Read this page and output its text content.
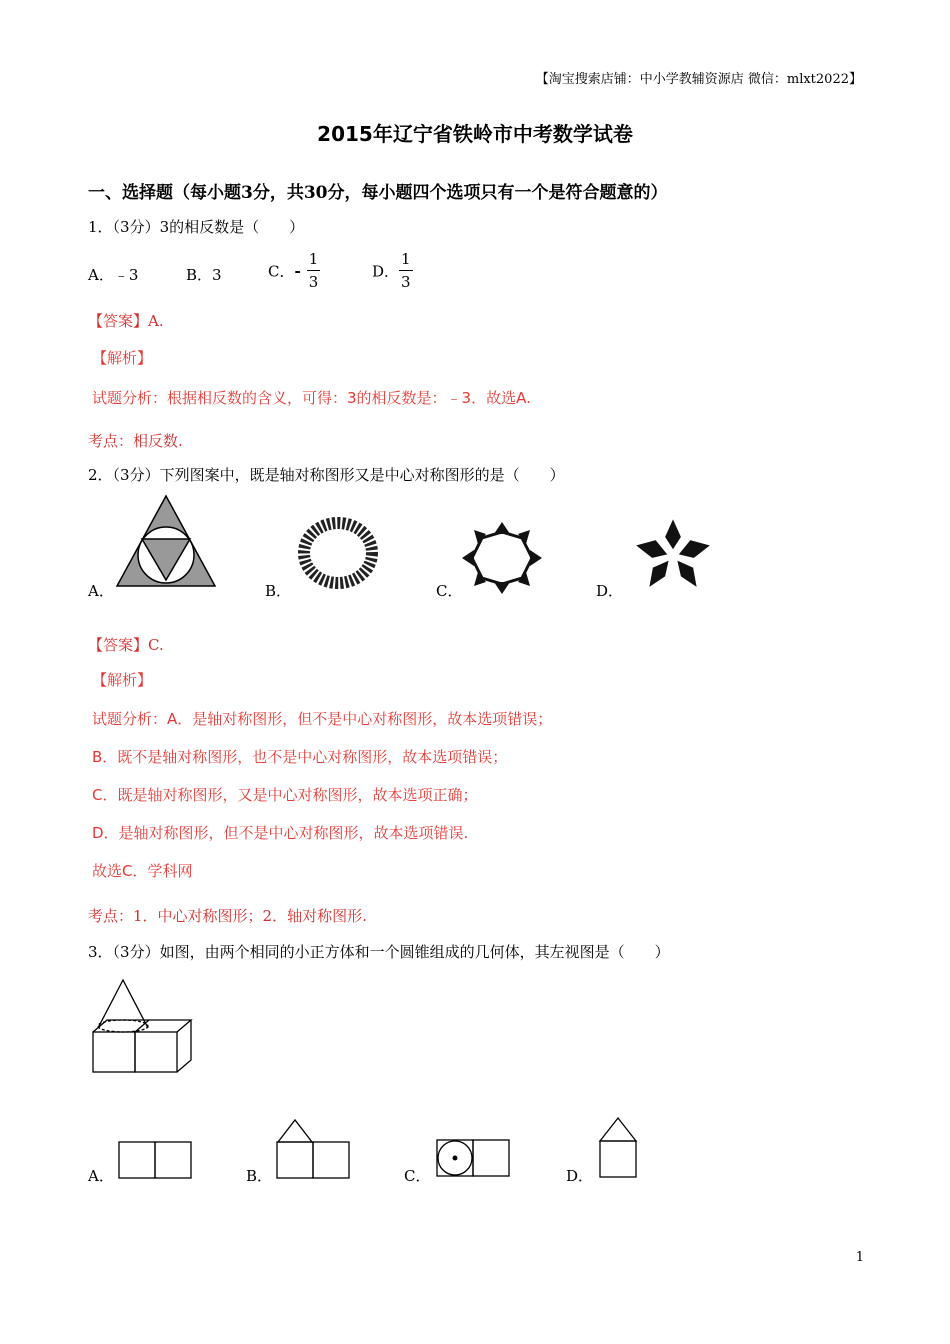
【淘宝搜索店铺：中小学教辅资源店 微信：mlxt2022】
2015年辽宁省铁岭市中考数学试卷
一、选择题（每小题3分，共30分，每小题四个选项只有一个是符合题意的）
1．（3分）3的相反数是（　　）
A．﹣3	B．3	C．- $\frac{1}{3}$	D． $\frac{1}{3}$
【答案】A.
【解析】
试题分析：根据相反数的含义，可得：3的相反数是：﹣3．故选A.
考点：相反数.
2．（3分）下列图案中，既是轴对称图形又是中心对称图形的是（　　）
A．	B．	C．	D．
【答案】C.
【解析】
试题分析：A．是轴对称图形，但不是中心对称图形，故本选项错误；
B．既不是轴对称图形，也不是中心对称图形，故本选项错误；
C．既是轴对称图形，又是中心对称图形，故本选项正确；
D．是轴对称图形，但不是中心对称图形，故本选项错误.
故选C．学科网
考点：1．中心对称图形；2．轴对称图形.
3．（3分）如图，由两个相同的小正方体和一个圆锥组成的几何体，其左视图是（　　）
A．	B．	C．	D．
1
